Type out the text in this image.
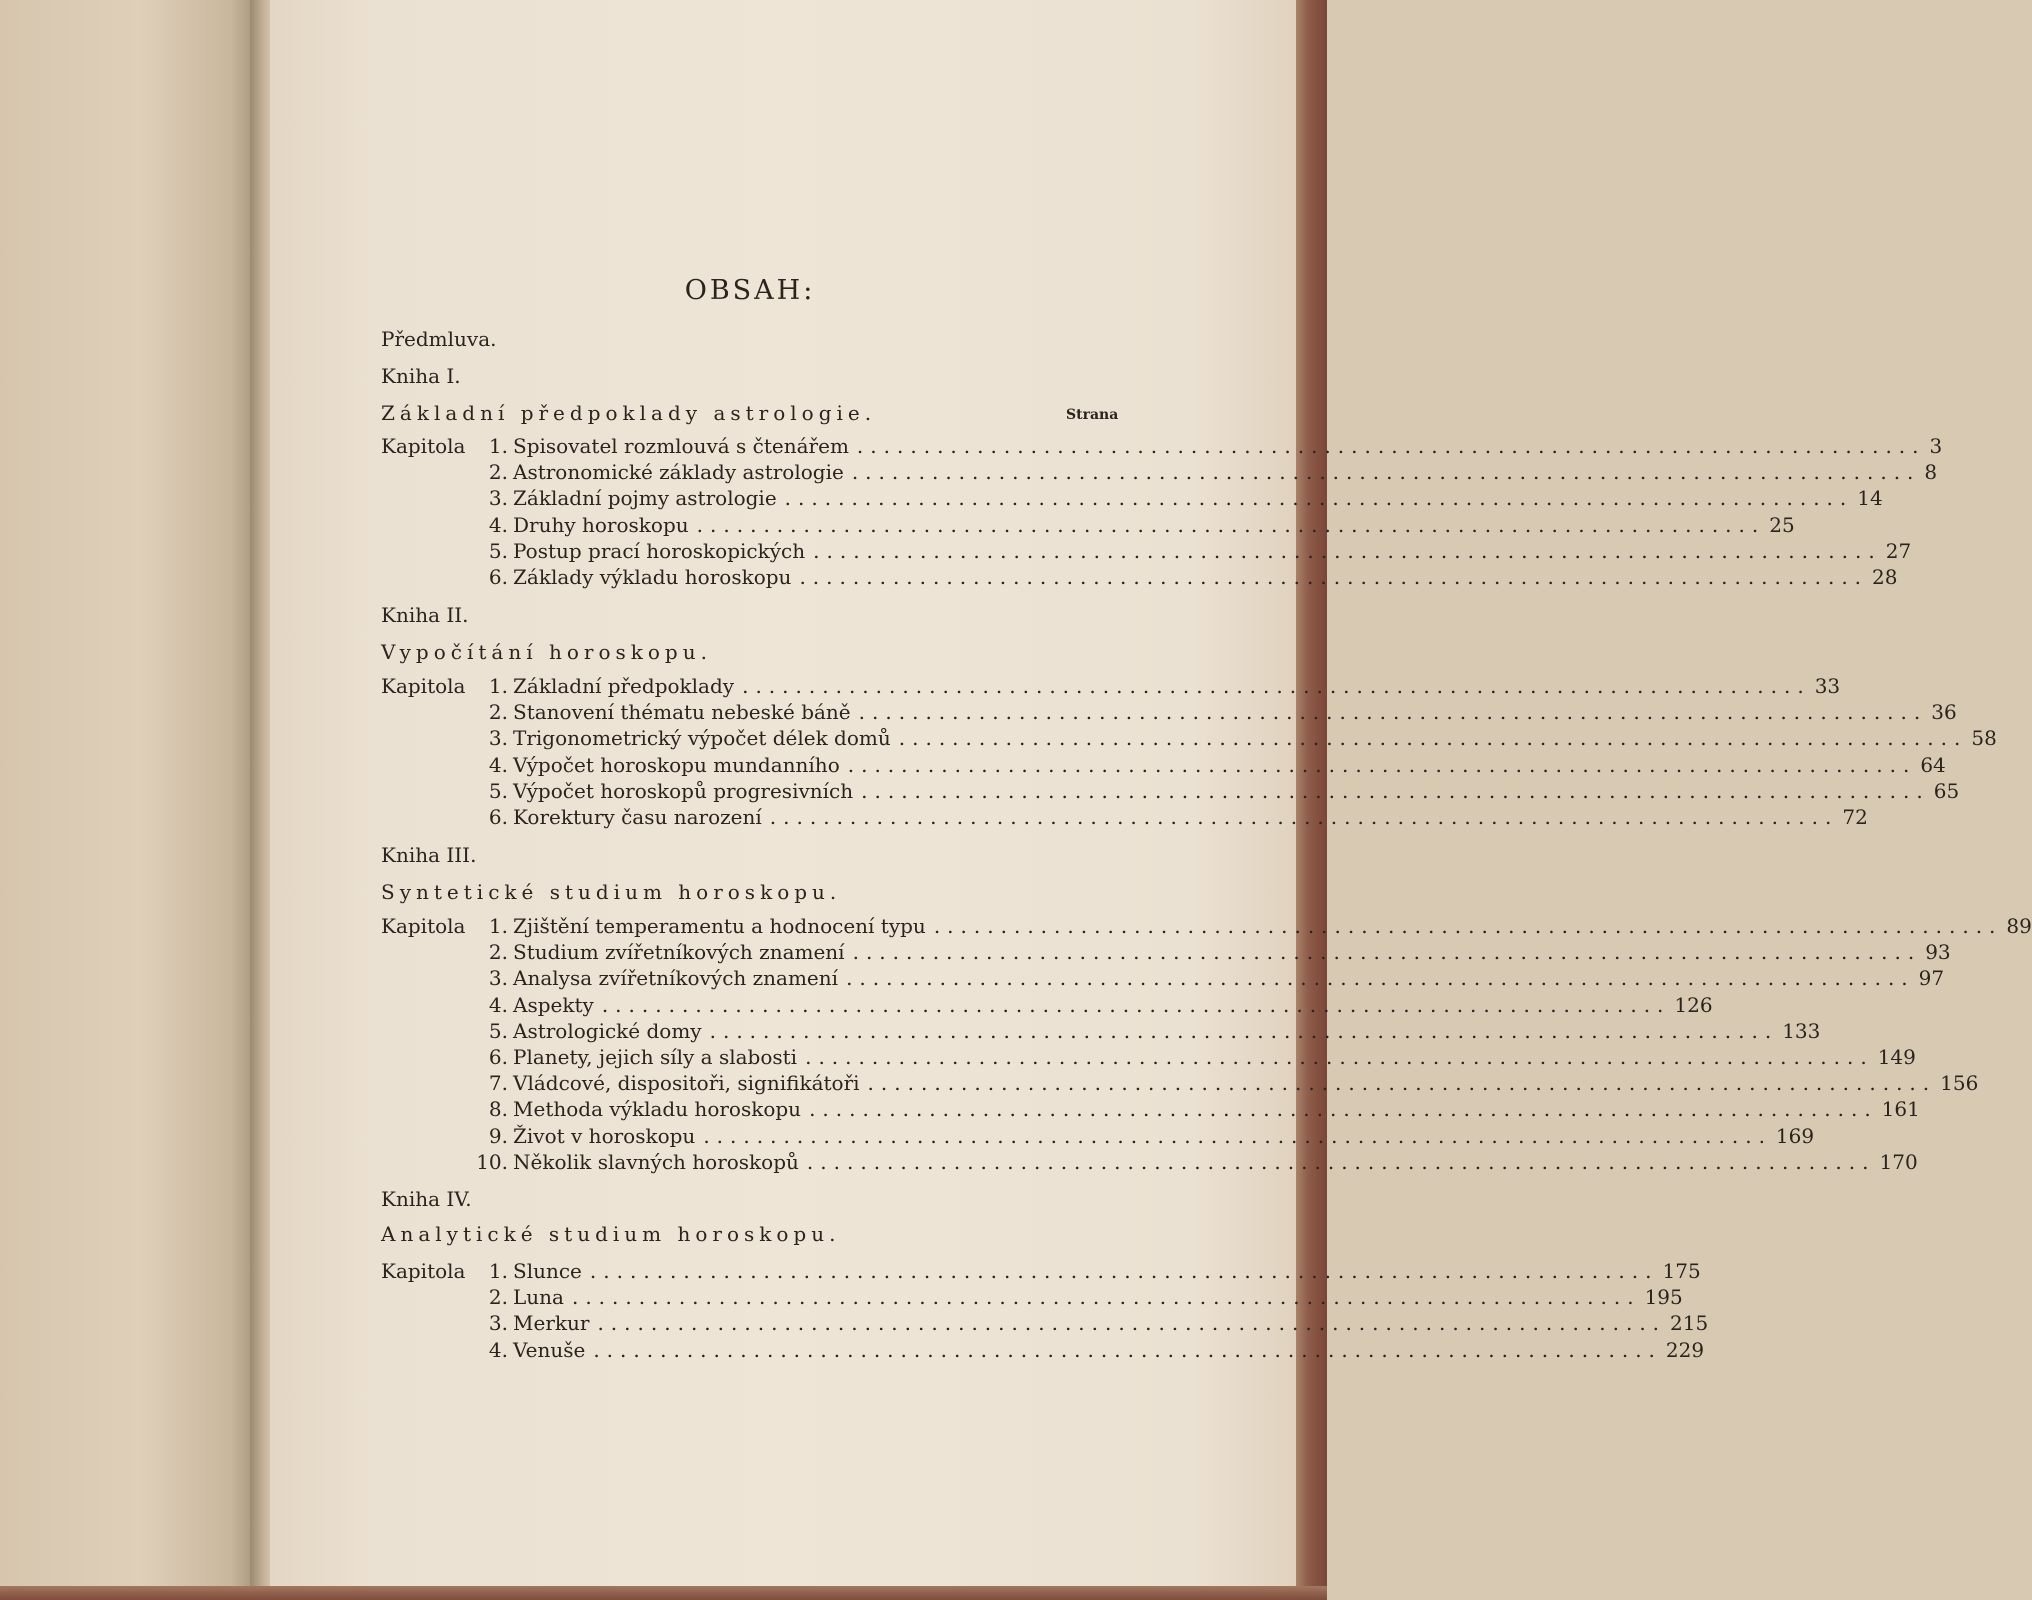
OBSAH:
Předmluva.
Kniha I.
Základní předpoklady astrologie.	Strana
Kapitola 1. Spisovatel rozmlouvá s čtenářem ................................................................................ 3
2. Astronomické základy astrologie ................................................................................ 8
3. Základní pojmy astrologie ................................................................................ 14
4. Druhy horoskopu ................................................................................ 25
5. Postup prací horoskopických ................................................................................ 27
6. Základy výkladu horoskopu ................................................................................ 28
Kniha II.
Vypočítání horoskopu.
Kapitola 1. Základní předpoklady ................................................................................ 33
2. Stanovení thématu nebeské báně ................................................................................ 36
3. Trigonometrický výpočet délek domů ................................................................................ 58
4. Výpočet horoskopu mundanního ................................................................................ 64
5. Výpočet horoskopů progresivních ................................................................................ 65
6. Korektury času narození ................................................................................ 72
Kniha III.
Syntetické studium horoskopu.
Kapitola 1. Zjištění temperamentu a hodnocení typu ................................................................................ 89
2. Studium zvířetníkových znamení ................................................................................ 93
3. Analysa zvířetníkových znamení ................................................................................ 97
4. Aspekty ................................................................................ 126
5. Astrologické domy ................................................................................ 133
6. Planety, jejich síly a slabosti ................................................................................ 149
7. Vládcové, dispositoři, signifikátoři ................................................................................ 156
8. Methoda výkladu horoskopu ................................................................................ 161
9. Život v horoskopu ................................................................................ 169
10. Několik slavných horoskopů ................................................................................ 170
Kniha IV.
Analytické studium horoskopu.
Kapitola 1. Slunce ................................................................................ 175
2. Luna ................................................................................ 195
3. Merkur ................................................................................ 215
4. Venuše ................................................................................ 229
